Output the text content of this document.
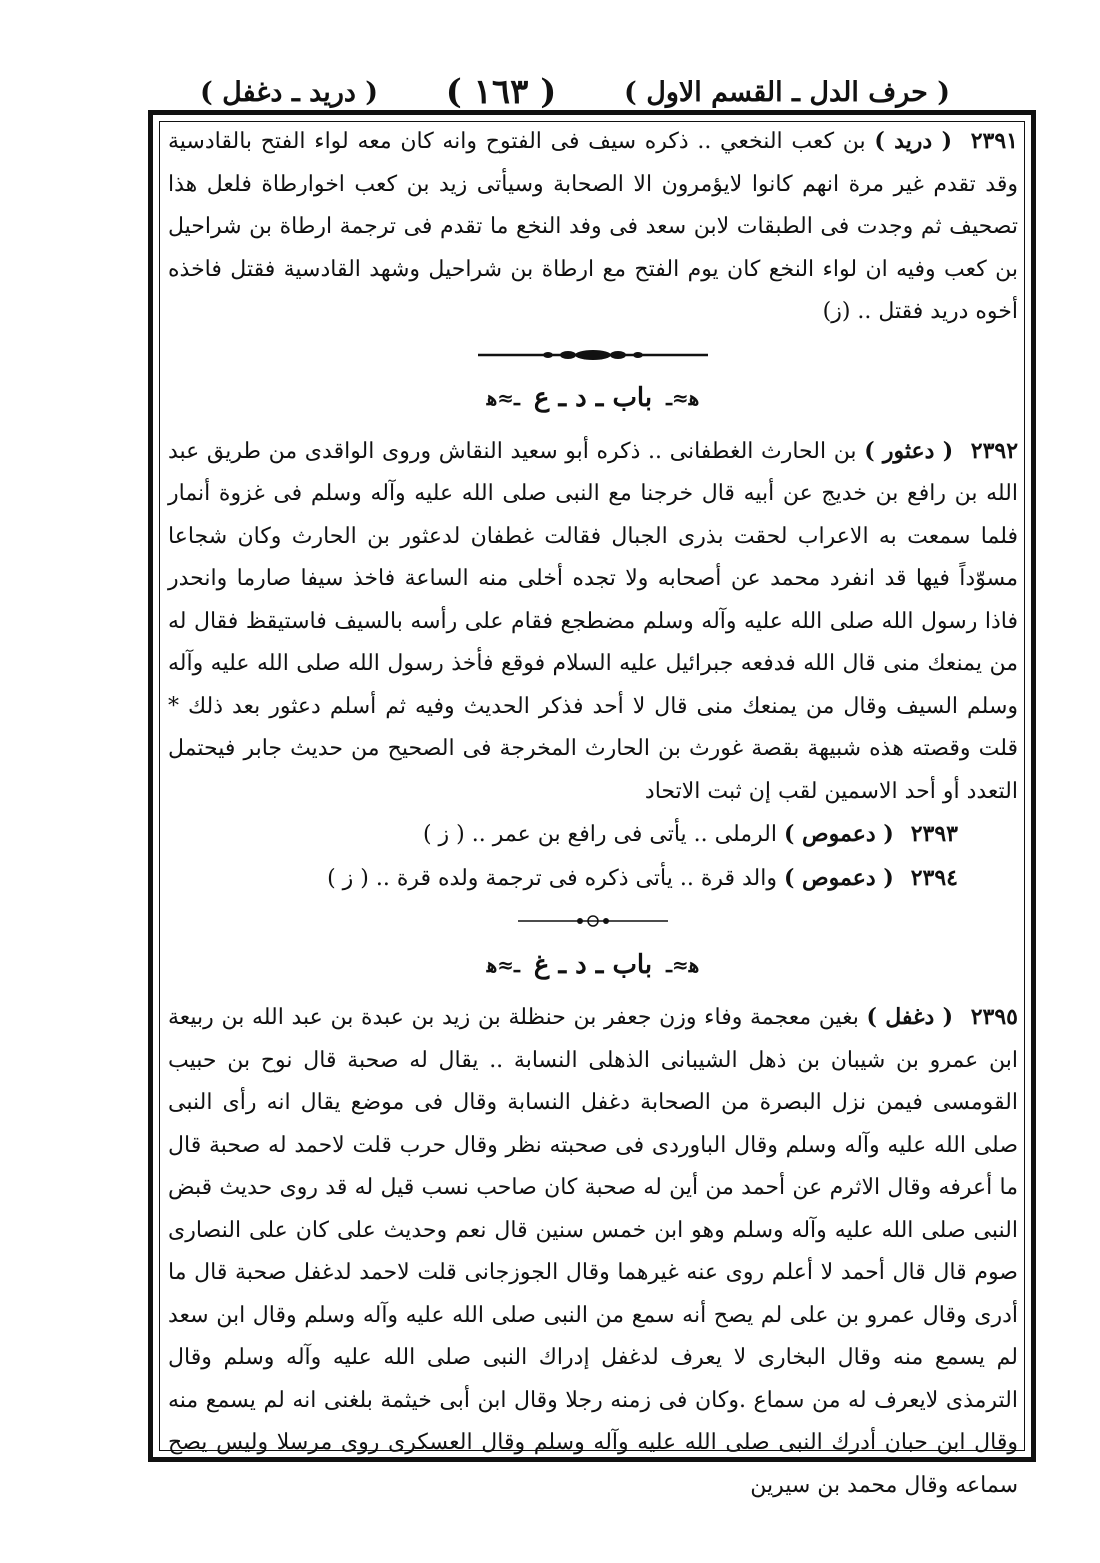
( حرف الدل ـ القسم الاول )
( ١٦٣ )
( دريد ـ دغفل )

٢٣٩١ ( دريد ) بن كعب النخعي .. ذكره سيف فى الفتوح وانه كان معه لواء الفتح بالقادسية وقد تقدم غير مرة انهم كانوا لايؤمرون الا الصحابة وسيأتى زيد بن كعب اخوارطاة فلعل هذا تصحيف ثم وجدت فى الطبقات لابن سعد فى وفد النخع ما تقدم فى ترجمة ارطاة بن شراحيل بن كعب وفيه ان لواء النخع كان يوم الفتح مع ارطاة بن شراحيل وشهد القادسية فقتل فاخذه أخوه دريد فقتل .. (ز)

ﮬ≈ـ
باب ـ د ـ ع
ـ≈ﮬ

٢٣٩٢ ( دعثور ) بن الحارث الغطفانى .. ذكره أبو سعيد النقاش وروى الواقدى من طريق عبد الله بن رافع بن خديج عن أبيه قال خرجنا مع النبى صلى الله عليه وآله وسلم فى غزوة أنمار فلما سمعت به الاعراب لحقت بذرى الجبال فقالت غطفان لدعثور بن الحارث وكان شجاعا مسوّداً فيها قد انفرد محمد عن أصحابه ولا تجده أخلى منه الساعة فاخذ سيفا صارما وانحدر فاذا رسول الله صلى الله عليه وآله وسلم مضطجع فقام على رأسه بالسيف فاستيقظ فقال له من يمنعك منى قال الله فدفعه جبرائيل عليه السلام فوقع فأخذ رسول الله صلى الله عليه وآله وسلم السيف وقال من يمنعك منى قال لا أحد فذكر الحديث وفيه ثم أسلم دعثور بعد ذلك * قلت وقصته هذه شبيهة بقصة غورث بن الحارث المخرجة فى الصحيح من حديث جابر فيحتمل التعدد أو أحد الاسمين لقب إن ثبت الاتحاد

٢٣٩٣ ( دعموص ) الرملى .. يأتى فى رافع بن عمر .. ( ز )

٢٣٩٤ ( دعموص ) والد قرة .. يأتى ذكره فى ترجمة ولده قرة .. ( ز )

ﮬ≈ـ
باب ـ د ـ غ
ـ≈ﮬ

٢٣٩٥ ( دغفل ) بغين معجمة وفاء وزن جعفر بن حنظلة بن زيد بن عبدة بن عبد الله بن ربيعة ابن عمرو بن شيبان بن ذهل الشيبانى الذهلى النسابة .. يقال له صحبة قال نوح بن حبيب القومسى فيمن نزل البصرة من الصحابة دغفل النسابة وقال فى موضع يقال انه رأى النبى صلى الله عليه وآله وسلم وقال الباوردى فى صحبته نظر وقال حرب قلت لاحمد له صحبة قال ما أعرفه وقال الاثرم عن أحمد من أين له صحبة كان صاحب نسب قيل له قد روى حديث قبض النبى صلى الله عليه وآله وسلم وهو ابن خمس سنين قال نعم وحديث على كان على النصارى صوم قال قال أحمد لا أعلم روى عنه غيرهما وقال الجوزجانى قلت لاحمد لدغفل صحبة قال ما أدرى وقال عمرو بن على لم يصح أنه سمع من النبى صلى الله عليه وآله وسلم وقال ابن سعد لم يسمع منه وقال البخارى لا يعرف لدغفل إدراك النبى صلى الله عليه وآله وسلم وقال الترمذى لايعرف له من سماع .وكان فى زمنه رجلا وقال ابن أبى خيثمة بلغنى انه لم يسمع منه وقال ابن حبان أدرك النبى صلى الله عليه وآله وسلم وقال العسكرى روى مرسلا وليس يصح سماعه وقال محمد بن سيرين
